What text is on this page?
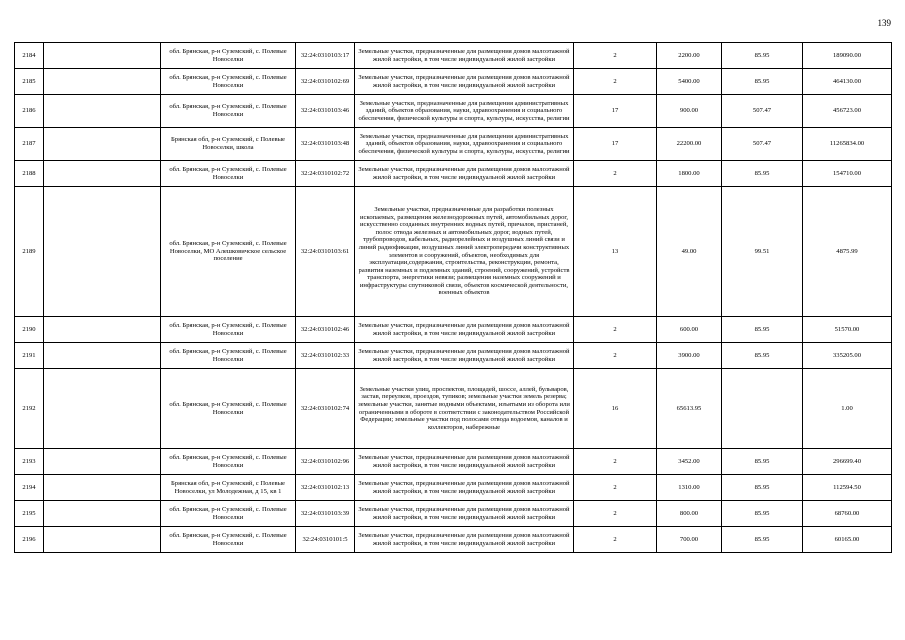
139
2184		обл. Брянская, р-н Суземский, с. Полевые Новоселки	32:24:0310103:17	Земельные участки, предназначенные для размещения домов малоэтажной жилой застройки, в том числе индивидуальной жилой застройки	2	2200.00	85.95	189090.00
2185		обл. Брянская, р-н Суземский, с. Полевые Новоселки	32:24:0310102:69	Земельные участки, предназначенные для размещения домов малоэтажной жилой застройки, в том числе индивидуальной жилой застройки	2	5400.00	85.95	464130.00
2186		обл. Брянская, р-н Суземский, с. Полевые Новоселки	32:24:0310103:46	Земельные участки, предназначенные для размещения административных зданий, объектов образования, науки, здравоохранения и социального обеспечения, физической культуры и спорта, культуры, искусства, религии	17	900.00	507.47	456723.00
2187		Брянская обл, р-н Суземский, с Полевые Новоселки, школа	32:24:0310103:48	Земельные участки, предназначенные для размещения административных зданий, объектов образования, науки, здравоохранения и социального обеспечения, физической культуры и спорта, культуры, искусства, религии	17	22200.00	507.47	11265834.00
2188		обл. Брянская, р-н Суземский, с. Полевые Новоселки	32:24:0310102:72	Земельные участки, предназначенные для размещения домов малоэтажной жилой застройки, в том числе индивидуальной жилой застройки	2	1800.00	85.95	154710.00
2189		обл. Брянская, р-н Суземский, с. Полевые Новоселки, МО Алешковичское сельское поселение	32:24:0310103:61	Земельные участки, предназначенные для разработки полезных ископаемых, размещения железнодорожных путей, автомобильных дорог, искусственно созданных внутренних водных путей, причалов, пристаней, полос отвода железных и автомобильных дорог, водных путей, трубопроводов, кабельных, радиорелейных и воздушных линий связи и линий радиофикации, воздушных линий электропередачи конструктивных элементов и сооружений, объектов, необходимых для эксплуатации,содержания, строительства, реконструкции, ремонта, развития наземных и подземных зданий, строений, сооружений, устройств транспорта, энергетики невязи; размещения наземных сооружений и инфраструктуры спутниковой связи, объектов космической деятельности, военных объектов	13	49.00	99.51	4875.99
2190		обл. Брянская, р-н Суземский, с. Полевые Новоселки	32:24:0310102:46	Земельные участки, предназначенные для размещения домов малоэтажной жилой застройки, в том числе индивидуальной жилой застройки	2	600.00	85.95	51570.00
2191		обл. Брянская, р-н Суземский, с. Полевые Новоселки	32:24:0310102:33	Земельные участки, предназначенные для размещения домов малоэтажной жилой застройки, в том числе индивидуальной жилой застройки	2	3900.00	85.95	335205.00
2192		обл. Брянская, р-н Суземский, с. Полевые Новоселки	32:24:0310102:74	Земельные участки улиц, проспектов, площадей, шоссе, аллей, бульваров, застав, переулков, проездов, тупиков; земельные участки земель резерва; земельные участки, занятые водными объектами, изъятыми из оборота или ограниченными в обороте в соответствии с законодательством Российской Федерации; земельные участки под полосами отвода водоемов, каналов и коллекторов, набережные	16	65613.95		1.00
2193		обл. Брянская, р-н Суземский, с. Полевые Новоселки	32:24:0310102:96	Земельные участки, предназначенные для размещения домов малоэтажной жилой застройки, в том числе индивидуальной жилой застройки	2	3452.00	85.95	296699.40
2194		Брянская обл, р-н Суземский, с Полевые Новоселки, ул Молодежная, д 15, кв 1	32:24:0310102:13	Земельные участки, предназначенные для размещения домов малоэтажной жилой застройки, в том числе индивидуальной жилой застройки	2	1310.00	85.95	112594.50
2195		обл. Брянская, р-н Суземский, с. Полевые Новоселки	32:24:0310103:39	Земельные участки, предназначенные для размещения домов малоэтажной жилой застройки, в том числе индивидуальной жилой застройки	2	800.00	85.95	68760.00
2196		обл. Брянская, р-н Суземский, с. Полевые Новоселки	32:24:0310101:5	Земельные участки, предназначенные для размещения домов малоэтажной жилой застройки, в том числе индивидуальной жилой застройки	2	700.00	85.95	60165.00
